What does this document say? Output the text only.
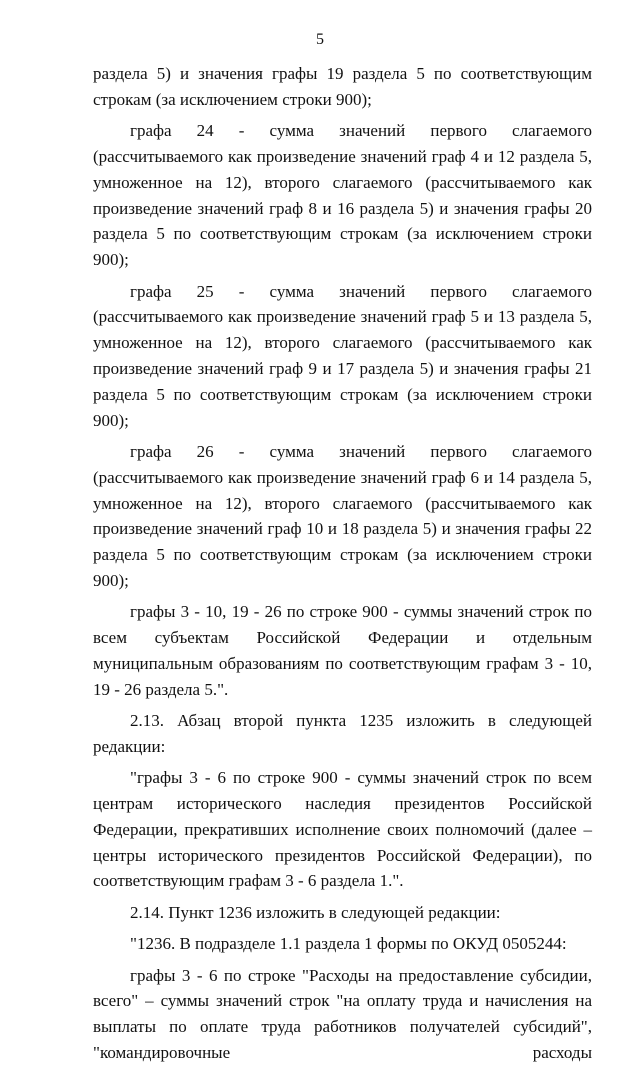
5

раздела 5) и значения графы 19 раздела 5 по соответствующим строкам (за исключением строки 900);

графа 24 - сумма значений первого слагаемого (рассчитываемого как произведение значений граф 4 и 12 раздела 5, умноженное на 12), второго слагаемого (рассчитываемого как произведение значений граф 8 и 16 раздела 5) и значения графы 20 раздела 5 по соответствующим строкам (за исключением строки 900);

графа 25 - сумма значений первого слагаемого (рассчитываемого как произведение значений граф 5 и 13 раздела 5, умноженное на 12), второго слагаемого (рассчитываемого как произведение значений граф 9 и 17 раздела 5) и значения графы 21 раздела 5 по соответствующим строкам (за исключением строки 900);

графа 26 - сумма значений первого слагаемого (рассчитываемого как произведение значений граф 6 и 14 раздела 5, умноженное на 12), второго слагаемого (рассчитываемого как произведение значений граф 10 и 18 раздела 5) и значения графы 22 раздела 5 по соответствующим строкам (за исключением строки 900);

графы 3 - 10, 19 - 26 по строке 900 - суммы значений строк по всем субъектам Российской Федерации и отдельным муниципальным образованиям по соответствующим графам 3 - 10, 19 - 26 раздела 5.".

2.13. Абзац второй пункта 1235 изложить в следующей редакции:

"графы 3 - 6 по строке 900 - суммы значений строк по всем центрам исторического наследия президентов Российской Федерации, прекративших исполнение своих полномочий (далее – центры исторического президентов Российской Федерации), по соответствующим графам 3 - 6 раздела 1.".

2.14. Пункт 1236 изложить в следующей редакции:

"1236. В подразделе 1.1 раздела 1 формы по ОКУД 0505244:

графы 3 - 6 по строке "Расходы на предоставление субсидии, всего" – суммы значений строк "на оплату труда и начисления на выплаты по оплате труда работников получателей субсидий", "командировочные расходы
